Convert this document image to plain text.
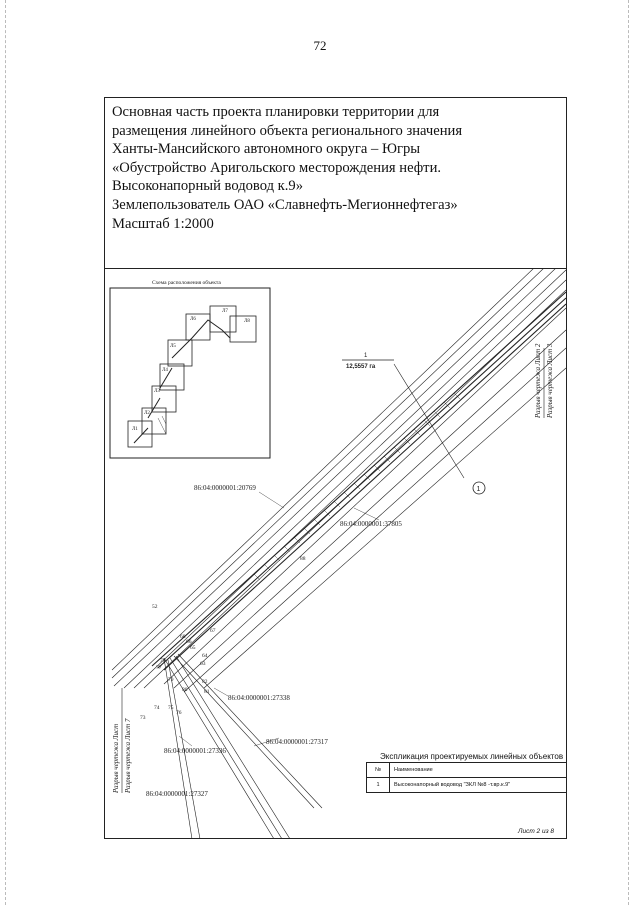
72
Основная часть проекта планировки территории для
размещения линейного объекта регионального значения
Ханты-Мансийского автономного округа – Югры
«Обустройство Аригольского месторождения нефти.
Высоконапорный водовод к.9»
Землепользователь ОАО «Славнефть-Мегионнефтегаз»
Масштаб 1:2000
Схема расположения объекта
Л1
Л2
Л3
Л4
Л5
Л6
Л7
Л8
1
12,5557 га
1
86:04:0000001:20769
86:04:0000001:37805
86:04:0000001:27338
86:04:0000001:27317
86:04:0000001:27336
86:04:0000001:27327
52
68
66
65
64
63
67
82
78
77
79
80	81
73
74 75
76
88
Разрыв чертежа Лист 2 Разрыв чертежа Лист 3
Разрыв чертежа Лист Разрыв чертежа Лист 7	Экспликация проектируемых линейных объектов
№	Наименование
1	Высоконапорный водовод "ЗКЛ №8 -т.вр.к.9"
Лист 2 из 8
